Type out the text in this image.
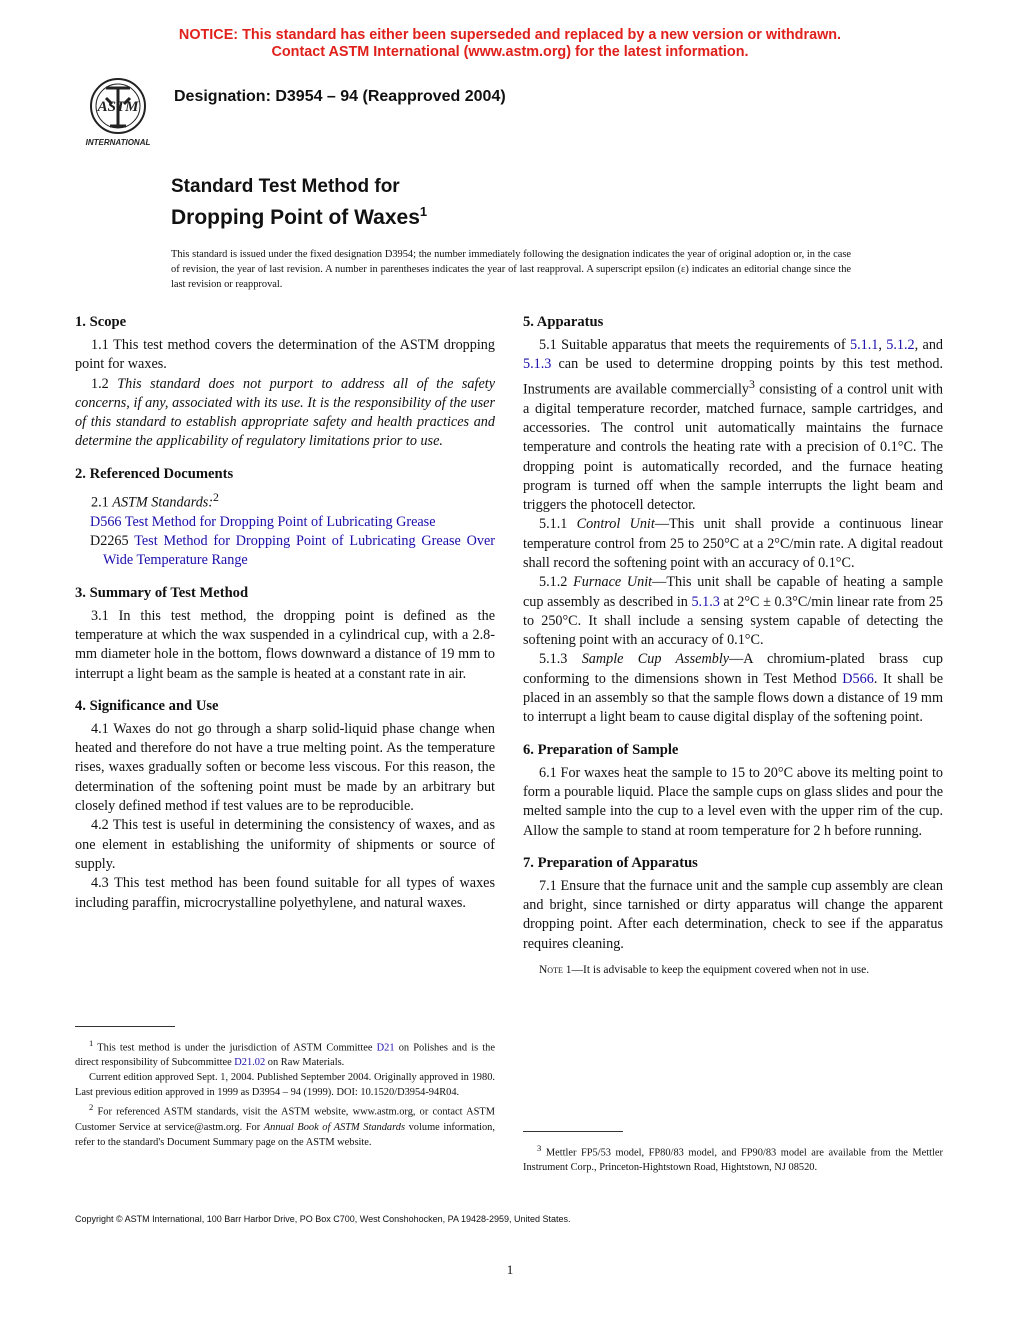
NOTICE: This standard has either been superseded and replaced by a new version or withdrawn.
Contact ASTM International (www.astm.org) for the latest information.
ASTM
INTERNATIONAL
Designation: D3954 – 94 (Reapproved 2004)
Standard Test Method for
Dropping Point of Waxes$^1$
This standard is issued under the fixed designation D3954; the number immediately following the designation indicates the year of original adoption or, in the case of revision, the year of last revision. A number in parentheses indicates the year of last reapproval. A superscript epsilon (ε) indicates an editorial change since the last revision or reapproval.
1. Scope

1.1 This test method covers the determination of the ASTM dropping point for waxes.

1.2 This standard does not purport to address all of the safety concerns, if any, associated with its use. It is the responsibility of the user of this standard to establish appropriate safety and health practices and determine the applicability of regulatory limitations prior to use.

2. Referenced Documents

2.1 ASTM Standards:$^2$

D566 Test Method for Dropping Point of Lubricating Grease
D2265 Test Method for Dropping Point of Lubricating Grease Over Wide Temperature Range
3. Summary of Test Method

3.1 In this test method, the dropping point is defined as the temperature at which the wax suspended in a cylindrical cup, with a 2.8-mm diameter hole in the bottom, flows downward a distance of 19 mm to interrupt a light beam as the sample is heated at a constant rate in air.

4. Significance and Use

4.1 Waxes do not go through a sharp solid-liquid phase change when heated and therefore do not have a true melting point. As the temperature rises, waxes gradually soften or become less viscous. For this reason, the determination of the softening point must be made by an arbitrary but closely defined method if test values are to be reproducible.

4.2 This test is useful in determining the consistency of waxes, and as one element in establishing the uniformity of shipments or source of supply.

4.3 This test method has been found suitable for all types of waxes including paraffin, microcrystalline polyethylene, and natural waxes.

5. Apparatus

5.1 Suitable apparatus that meets the requirements of 5.1.1, 5.1.2, and 5.1.3 can be used to determine dropping points by this test method. Instruments are available commercially$^3$ consisting of a control unit with a digital temperature recorder, matched furnace, sample cartridges, and accessories. The control unit automatically maintains the furnace temperature and controls the heating rate with a precision of 0.1°C. The dropping point is automatically recorded, and the furnace heating program is turned off when the sample interrupts the light beam and triggers the photocell detector.

5.1.1 Control Unit—This unit shall provide a continuous linear temperature control from 25 to 250°C at a 2°C/min rate. A digital readout shall record the softening point with an accuracy of 0.1°C.

5.1.2 Furnace Unit—This unit shall be capable of heating a sample cup assembly as described in 5.1.3 at 2°C ± 0.3°C/min linear rate from 25 to 250°C. It shall include a sensing system capable of detecting the softening point with an accuracy of 0.1°C.

5.1.3 Sample Cup Assembly—A chromium-plated brass cup conforming to the dimensions shown in Test Method D566. It shall be placed in an assembly so that the sample flows down a distance of 19 mm to interrupt a light beam to cause digital display of the softening point.

6. Preparation of Sample

6.1 For waxes heat the sample to 15 to 20°C above its melting point to form a pourable liquid. Place the sample cups on glass slides and pour the melted sample into the cup to a level even with the upper rim of the cup. Allow the sample to stand at room temperature for 2 h before running.

7. Preparation of Apparatus

7.1 Ensure that the furnace unit and the sample cup assembly are clean and bright, since tarnished or dirty apparatus will change the apparent dropping point. After each determination, check to see if the apparatus requires cleaning.

Note 1—It is advisable to keep the equipment covered when not in use.

$^1$ This test method is under the jurisdiction of ASTM Committee D21 on Polishes and is the direct responsibility of Subcommittee D21.02 on Raw Materials.

Current edition approved Sept. 1, 2004. Published September 2004. Originally approved in 1980. Last previous edition approved in 1999 as D3954 – 94 (1999). DOI: 10.1520/D3954-94R04.

$^2$ For referenced ASTM standards, visit the ASTM website, www.astm.org, or contact ASTM Customer Service at service@astm.org. For Annual Book of ASTM Standards volume information, refer to the standard's Document Summary page on the ASTM website.

$^3$ Mettler FP5/53 model, FP80/83 model, and FP90/83 model are available from the Mettler Instrument Corp., Princeton-Hightstown Road, Hightstown, NJ 08520.

Copyright © ASTM International, 100 Barr Harbor Drive, PO Box C700, West Conshohocken, PA 19428-2959, United States.
1
